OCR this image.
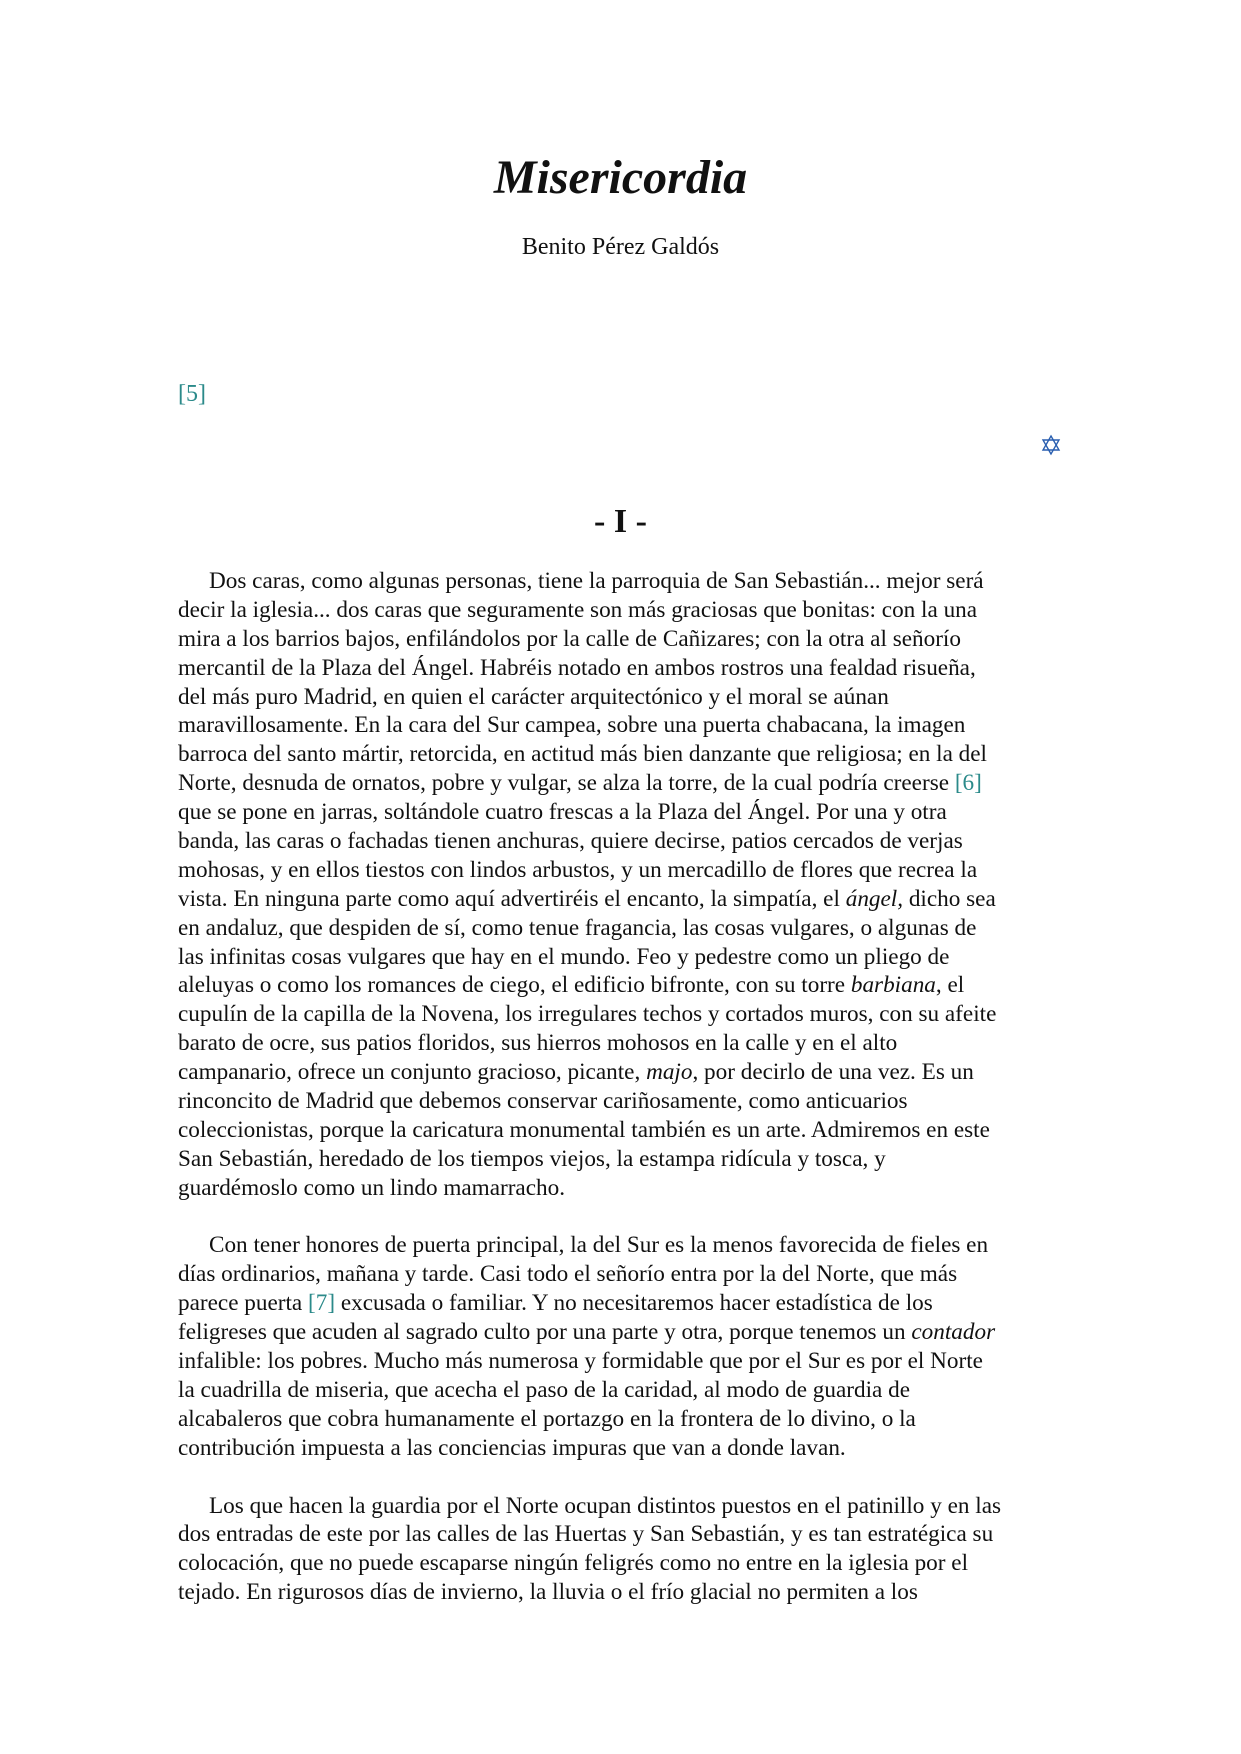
Misericordia
Benito Pérez Galdós
[5]
- I -
Dos caras, como algunas personas, tiene la parroquia de San Sebastián... mejor será
decir la iglesia... dos caras que seguramente son más graciosas que bonitas: con la una
mira a los barrios bajos, enfilándolos por la calle de Cañizares; con la otra al señorío
mercantil de la Plaza del Ángel. Habréis notado en ambos rostros una fealdad risueña,
del más puro Madrid, en quien el carácter arquitectónico y el moral se aúnan
maravillosamente. En la cara del Sur campea, sobre una puerta chabacana, la imagen
barroca del santo mártir, retorcida, en actitud más bien danzante que religiosa; en la del
Norte, desnuda de ornatos, pobre y vulgar, se alza la torre, de la cual podría creerse [6]
que se pone en jarras, soltándole cuatro frescas a la Plaza del Ángel. Por una y otra
banda, las caras o fachadas tienen anchuras, quiere decirse, patios cercados de verjas
mohosas, y en ellos tiestos con lindos arbustos, y un mercadillo de flores que recrea la
vista. En ninguna parte como aquí advertiréis el encanto, la simpatía, el ángel, dicho sea
en andaluz, que despiden de sí, como tenue fragancia, las cosas vulgares, o algunas de
las infinitas cosas vulgares que hay en el mundo. Feo y pedestre como un pliego de
aleluyas o como los romances de ciego, el edificio bifronte, con su torre barbiana, el
cupulín de la capilla de la Novena, los irregulares techos y cortados muros, con su afeite
barato de ocre, sus patios floridos, sus hierros mohosos en la calle y en el alto
campanario, ofrece un conjunto gracioso, picante, majo, por decirlo de una vez. Es un
rinconcito de Madrid que debemos conservar cariñosamente, como anticuarios
coleccionistas, porque la caricatura monumental también es un arte. Admiremos en este
San Sebastián, heredado de los tiempos viejos, la estampa ridícula y tosca, y
guardémoslo como un lindo mamarracho.
Con tener honores de puerta principal, la del Sur es la menos favorecida de fieles en
días ordinarios, mañana y tarde. Casi todo el señorío entra por la del Norte, que más
parece puerta [7] excusada o familiar. Y no necesitaremos hacer estadística de los
feligreses que acuden al sagrado culto por una parte y otra, porque tenemos un contador
infalible: los pobres. Mucho más numerosa y formidable que por el Sur es por el Norte
la cuadrilla de miseria, que acecha el paso de la caridad, al modo de guardia de
alcabaleros que cobra humanamente el portazgo en la frontera de lo divino, o la
contribución impuesta a las conciencias impuras que van a donde lavan.
Los que hacen la guardia por el Norte ocupan distintos puestos en el patinillo y en las
dos entradas de este por las calles de las Huertas y San Sebastián, y es tan estratégica su
colocación, que no puede escaparse ningún feligrés como no entre en la iglesia por el
tejado. En rigurosos días de invierno, la lluvia o el frío glacial no permiten a los
